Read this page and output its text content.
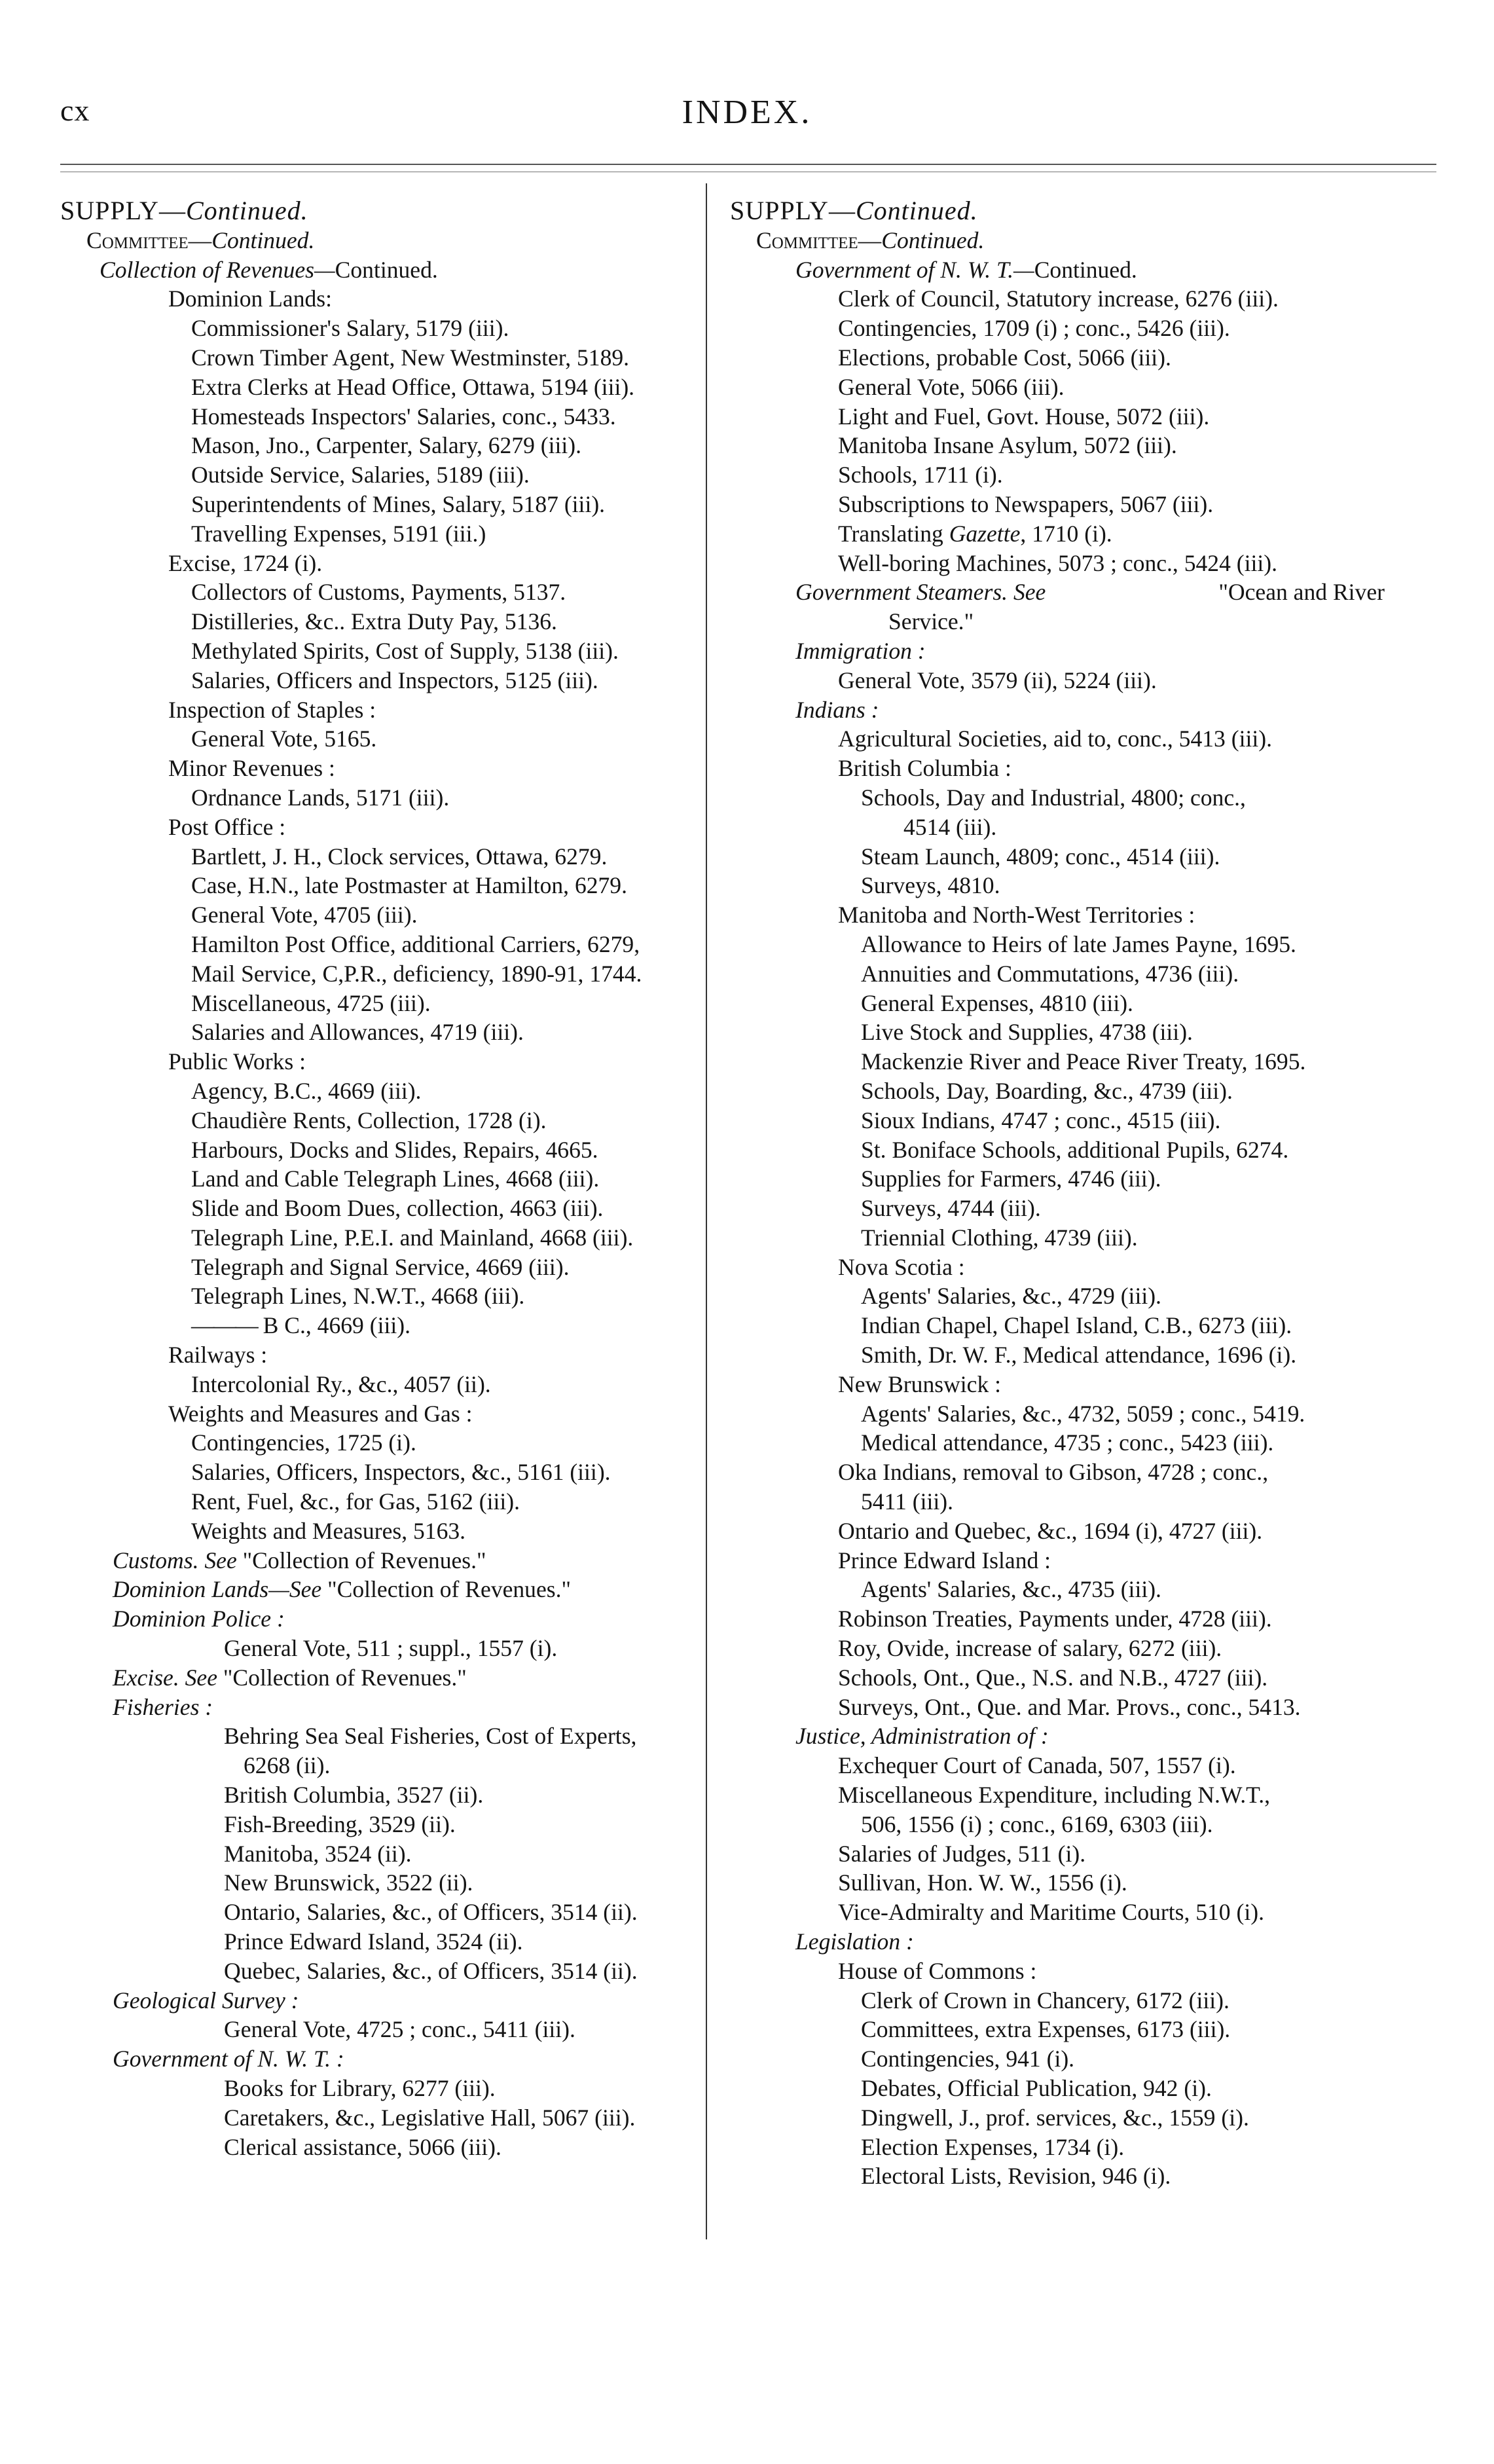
cx	INDEX.
SUPPLY—Continued.
Committee—Continued.
Collection of Revenues—Continued.
Dominion Lands:
Commissioner's Salary, 5179 (iii).
Crown Timber Agent, New Westminster, 5189.
Extra Clerks at Head Office, Ottawa, 5194 (iii).
Homesteads Inspectors' Salaries, conc., 5433.
Mason, Jno., Carpenter, Salary, 6279 (iii).
Outside Service, Salaries, 5189 (iii).
Superintendents of Mines, Salary, 5187 (iii).
Travelling Expenses, 5191 (iii.)
Excise, 1724 (i).
Collectors of Customs, Payments, 5137.
Distilleries, &c.. Extra Duty Pay, 5136.
Methylated Spirits, Cost of Supply, 5138 (iii).
Salaries, Officers and Inspectors, 5125 (iii).
Inspection of Staples :
General Vote, 5165.
Minor Revenues :
Ordnance Lands, 5171 (iii).
Post Office :
Bartlett, J. H., Clock services, Ottawa, 6279.
Case, H.N., late Postmaster at Hamilton, 6279.
General Vote, 4705 (iii).
Hamilton Post Office, additional Carriers, 6279,
Mail Service, C,P.R., deficiency, 1890-91, 1744.
Miscellaneous, 4725 (iii).
Salaries and Allowances, 4719 (iii).
Public Works :
Agency, B.C., 4669 (iii).
Chaudière Rents, Collection, 1728 (i).
Harbours, Docks and Slides, Repairs, 4665.
Land and Cable Telegraph Lines, 4668 (iii).
Slide and Boom Dues, collection, 4663 (iii).
Telegraph Line, P.E.I. and Mainland, 4668 (iii).
Telegraph and Signal Service, 4669 (iii).
Telegraph Lines, N.W.T., 4668 (iii).
——— B C., 4669 (iii).
Railways :
Intercolonial Ry., &c., 4057 (ii).
Weights and Measures and Gas :
Contingencies, 1725 (i).
Salaries, Officers, Inspectors, &c., 5161 (iii).
Rent, Fuel, &c., for Gas, 5162 (iii).
Weights and Measures, 5163.
Customs. See "Collection of Revenues."
Dominion Lands—See "Collection of Revenues."
Dominion Police :
General Vote, 511 ; suppl., 1557 (i).
Excise. See "Collection of Revenues."
Fisheries :
Behring Sea Seal Fisheries, Cost of Experts,
6268 (ii).
British Columbia, 3527 (ii).
Fish-Breeding, 3529 (ii).
Manitoba, 3524 (ii).
New Brunswick, 3522 (ii).
Ontario, Salaries, &c., of Officers, 3514 (ii).
Prince Edward Island, 3524 (ii).
Quebec, Salaries, &c., of Officers, 3514 (ii).
Geological Survey :
General Vote, 4725 ; conc., 5411 (iii).
Government of N. W. T. :
Books for Library, 6277 (iii).
Caretakers, &c., Legislative Hall, 5067 (iii).
Clerical assistance, 5066 (iii).
SUPPLY—Continued.
Committee—Continued.
Government of N. W. T.—Continued.
Clerk of Council, Statutory increase, 6276 (iii).
Contingencies, 1709 (i) ; conc., 5426 (iii).
Elections, probable Cost, 5066 (iii).
General Vote, 5066 (iii).
Light and Fuel, Govt. House, 5072 (iii).
Manitoba Insane Asylum, 5072 (iii).
Schools, 1711 (i).
Subscriptions to Newspapers, 5067 (iii).
Translating Gazette, 1710 (i).
Well-boring Machines, 5073 ; conc., 5424 (iii).
Government Steamers. See	"Ocean and River
Service."
Immigration :
General Vote, 3579 (ii), 5224 (iii).
Indians :
Agricultural Societies, aid to, conc., 5413 (iii).
British Columbia :
Schools, Day and Industrial, 4800; conc.,
4514 (iii).
Steam Launch, 4809; conc., 4514 (iii).
Surveys, 4810.
Manitoba and North-West Territories :
Allowance to Heirs of late James Payne, 1695.
Annuities and Commutations, 4736 (iii).
General Expenses, 4810 (iii).
Live Stock and Supplies, 4738 (iii).
Mackenzie River and Peace River Treaty, 1695.
Schools, Day, Boarding, &c., 4739 (iii).
Sioux Indians, 4747 ; conc., 4515 (iii).
St. Boniface Schools, additional Pupils, 6274.
Supplies for Farmers, 4746 (iii).
Surveys, 4744 (iii).
Triennial Clothing, 4739 (iii).
Nova Scotia :
Agents' Salaries, &c., 4729 (iii).
Indian Chapel, Chapel Island, C.B., 6273 (iii).
Smith, Dr. W. F., Medical attendance, 1696 (i).
New Brunswick :
Agents' Salaries, &c., 4732, 5059 ; conc., 5419.
Medical attendance, 4735 ; conc., 5423 (iii).
Oka Indians, removal to Gibson, 4728 ; conc.,
5411 (iii).
Ontario and Quebec, &c., 1694 (i), 4727 (iii).
Prince Edward Island :
Agents' Salaries, &c., 4735 (iii).
Robinson Treaties, Payments under, 4728 (iii).
Roy, Ovide, increase of salary, 6272 (iii).
Schools, Ont., Que., N.S. and N.B., 4727 (iii).
Surveys, Ont., Que. and Mar. Provs., conc., 5413.
Justice, Administration of :
Exchequer Court of Canada, 507, 1557 (i).
Miscellaneous Expenditure, including N.W.T.,
506, 1556 (i) ; conc., 6169, 6303 (iii).
Salaries of Judges, 511 (i).
Sullivan, Hon. W. W., 1556 (i).
Vice-Admiralty and Maritime Courts, 510 (i).
Legislation :
House of Commons :
Clerk of Crown in Chancery, 6172 (iii).
Committees, extra Expenses, 6173 (iii).
Contingencies, 941 (i).
Debates, Official Publication, 942 (i).
Dingwell, J., prof. services, &c., 1559 (i).
Election Expenses, 1734 (i).
Electoral Lists, Revision, 946 (i).
